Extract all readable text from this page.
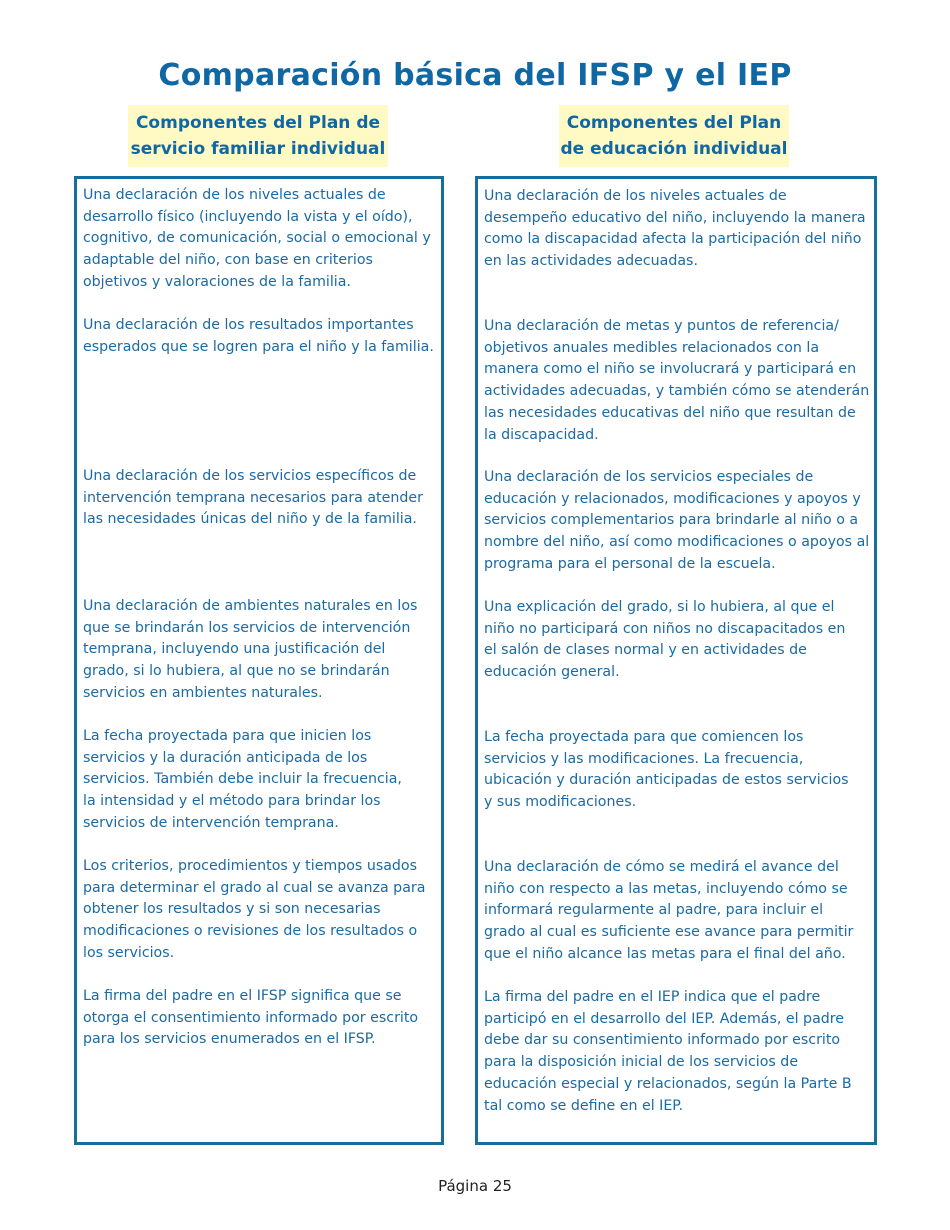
Comparación básica del IFSP y el IEP
Componentes del Plan de
servicio familiar individual
Componentes del Plan
de educación individual
Una declaración de los niveles actuales de
desarrollo físico (incluyendo la vista y el oído),
cognitivo, de comunicación, social o emocional y
adaptable del niño, con base en criterios
objetivos y valoraciones de la familia.
Una declaración de los resultados importantes
esperados que se logren para el niño y la familia.
Una declaración de los servicios específicos de
intervención temprana necesarios para atender
las necesidades únicas del niño y de la familia.
Una declaración de ambientes naturales en los
que se brindarán los servicios de intervención
temprana, incluyendo una justificación del
grado, si lo hubiera, al que no se brindarán
servicios en ambientes naturales.
La fecha proyectada para que inicien los
servicios y la duración anticipada de los
servicios. También debe incluir la frecuencia,
la intensidad y el método para brindar los
servicios de intervención temprana.
Los criterios, procedimientos y tiempos usados
para determinar el grado al cual se avanza para
obtener los resultados y si son necesarias
modificaciones o revisiones de los resultados o
los servicios.
La firma del padre en el IFSP significa que se
otorga el consentimiento informado por escrito
para los servicios enumerados en el IFSP.
Una declaración de los niveles actuales de
desempeño educativo del niño, incluyendo la manera
como la discapacidad afecta la participación del niño
en las actividades adecuadas.
Una declaración de metas y puntos de referencia/
objetivos anuales medibles relacionados con la
manera como el niño se involucrará y participará en
actividades adecuadas, y también cómo se atenderán
las necesidades educativas del niño que resultan de
la discapacidad.
Una declaración de los servicios especiales de
educación y relacionados, modificaciones y apoyos y
servicios complementarios para brindarle al niño o a
nombre del niño, así como modificaciones o apoyos al
programa para el personal de la escuela.
Una explicación del grado, si lo hubiera, al que el
niño no participará con niños no discapacitados en
el salón de clases normal y en actividades de
educación general.
La fecha proyectada para que comiencen los
servicios y las modificaciones. La frecuencia,
ubicación y duración anticipadas de estos servicios
y sus modificaciones.
Una declaración de cómo se medirá el avance del
niño con respecto a las metas, incluyendo cómo se
informará regularmente al padre, para incluir el
grado al cual es suficiente ese avance para permitir
que el niño alcance las metas para el final del año.
La firma del padre en el IEP indica que el padre
participó en el desarrollo del IEP. Además, el padre
debe dar su consentimiento informado por escrito
para la disposición inicial de los servicios de
educación especial y relacionados, según la Parte B
tal como se define en el IEP.
Página 25
